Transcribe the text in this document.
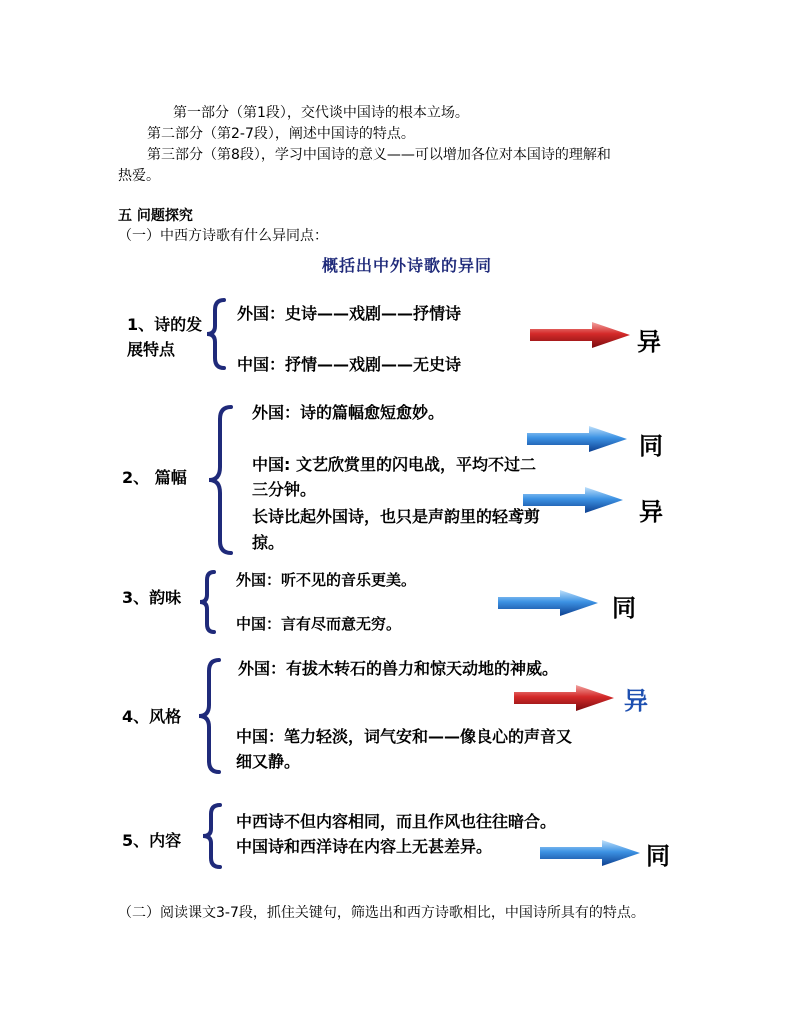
第一部分（第1段），交代谈中国诗的根本立场。
第二部分（第2-7段），阐述中国诗的特点。
第三部分（第8段），学习中国诗的意义——可以增加各位对本国诗的理解和
热爱。
五 问题探究
（一）中西方诗歌有什么异同点：
概括出中外诗歌的异同
1、诗的发
展特点
外国：史诗——戏剧——抒情诗
中国：抒情——戏剧——无史诗
异
2、 篇幅
外国：诗的篇幅愈短愈妙。
中国: 文艺欣赏里的闪电战，平均不过二
三分钟。
长诗比起外国诗，也只是声韵里的轻鸢剪
掠。
同
异
3、韵味
外国：听不见的音乐更美。
中国：言有尽而意无穷。
同
4、风格
外国：有拔木转石的兽力和惊天动地的神威。
中国：笔力轻淡，词气安和——像良心的声音又
细又静。
异
5、内容
中西诗不但内容相同，而且作风也往往暗合。
中国诗和西洋诗在内容上无甚差异。	同
（二）阅读课文3-7段，抓住关键句，筛选出和西方诗歌相比，中国诗所具有的特点。
